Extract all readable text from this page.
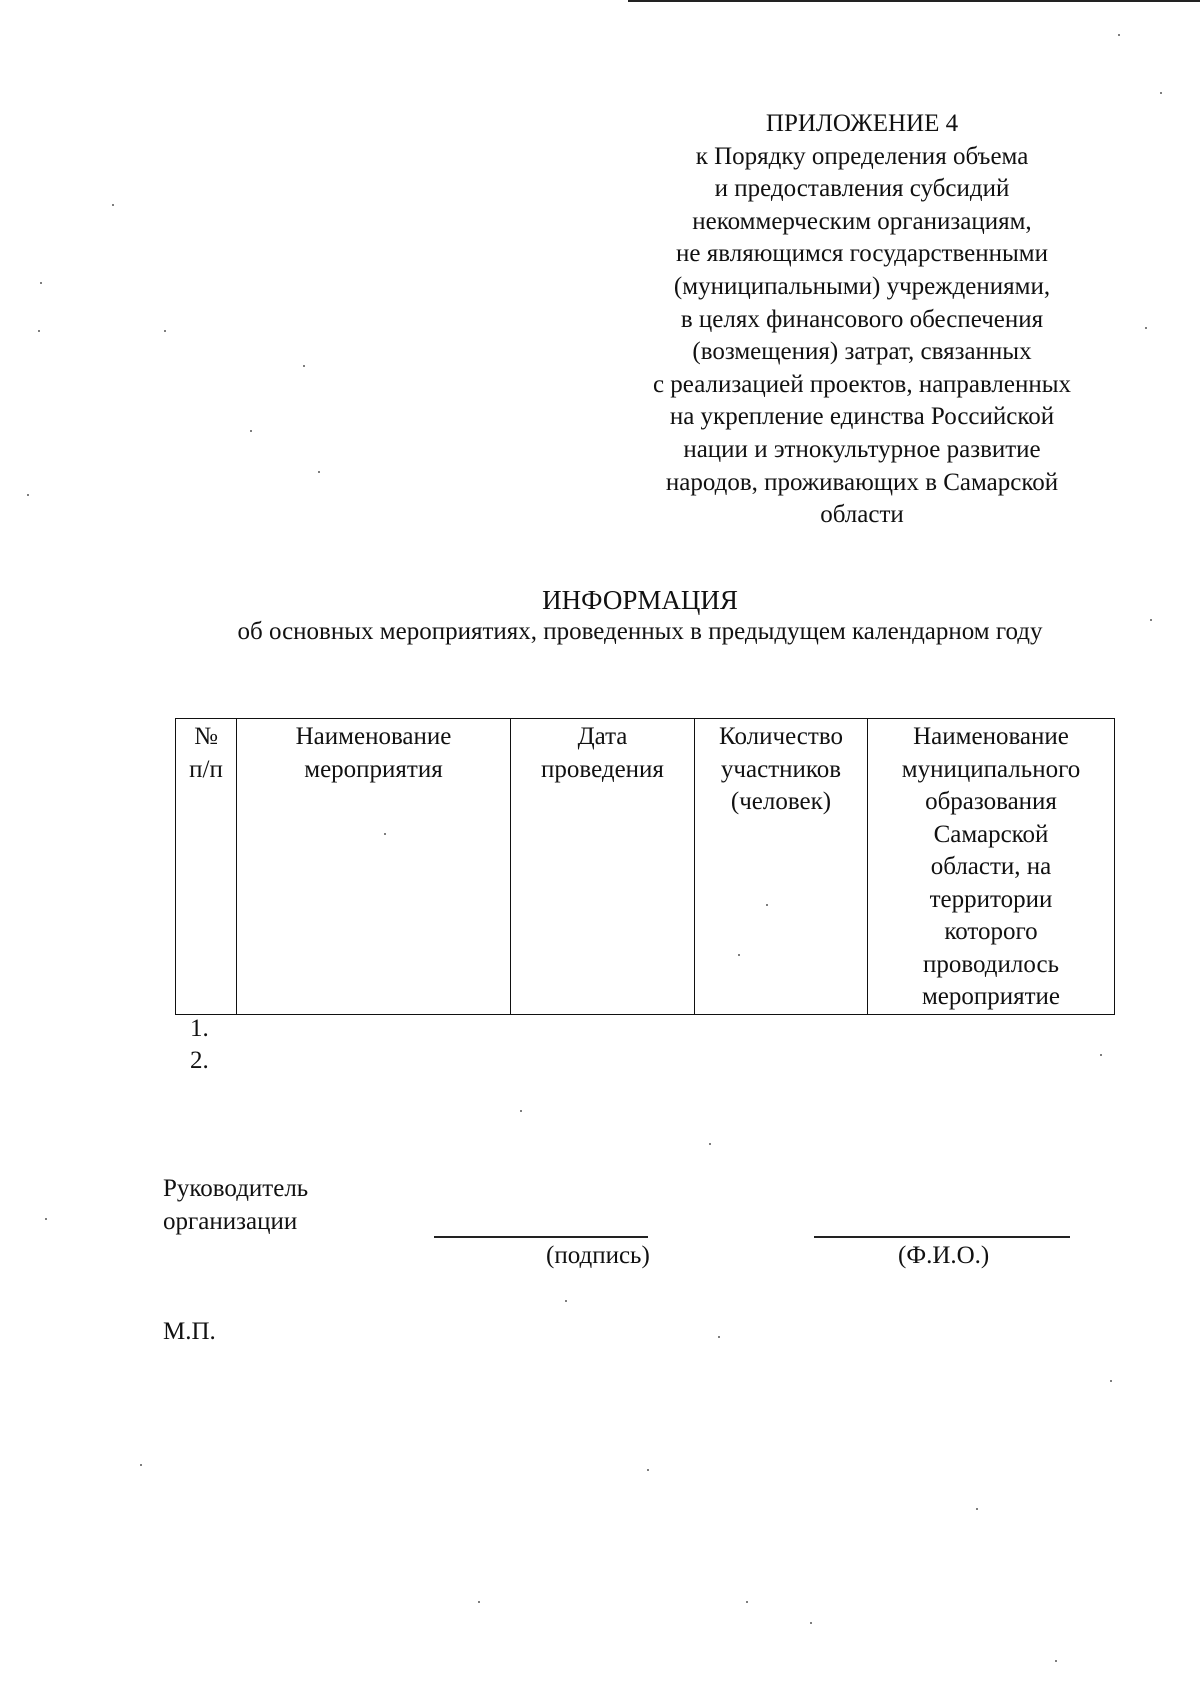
ПРИЛОЖЕНИЕ 4
к Порядку определения объема
и предоставления субсидий
некоммерческим организациям,
не являющимся государственными
(муниципальными) учреждениями,
в целях финансового обеспечения
(возмещения) затрат, связанных
с реализацией проектов, направленных
на укрепление единства Российской
нации и этнокультурное развитие
народов, проживающих в Самарской
области
ИНФОРМАЦИЯ
об основных мероприятиях, проведенных в предыдущем календарном году
№
п/п

Наименование
мероприятия

Дата
проведения

Количество
участников
(человек)

Наименование
муниципального
образования
Самарской
области, на
территории
которого
проводилось
мероприятие
1.
2.
Руководитель
организации
(подпись)	(Ф.И.О.)
М.П.
